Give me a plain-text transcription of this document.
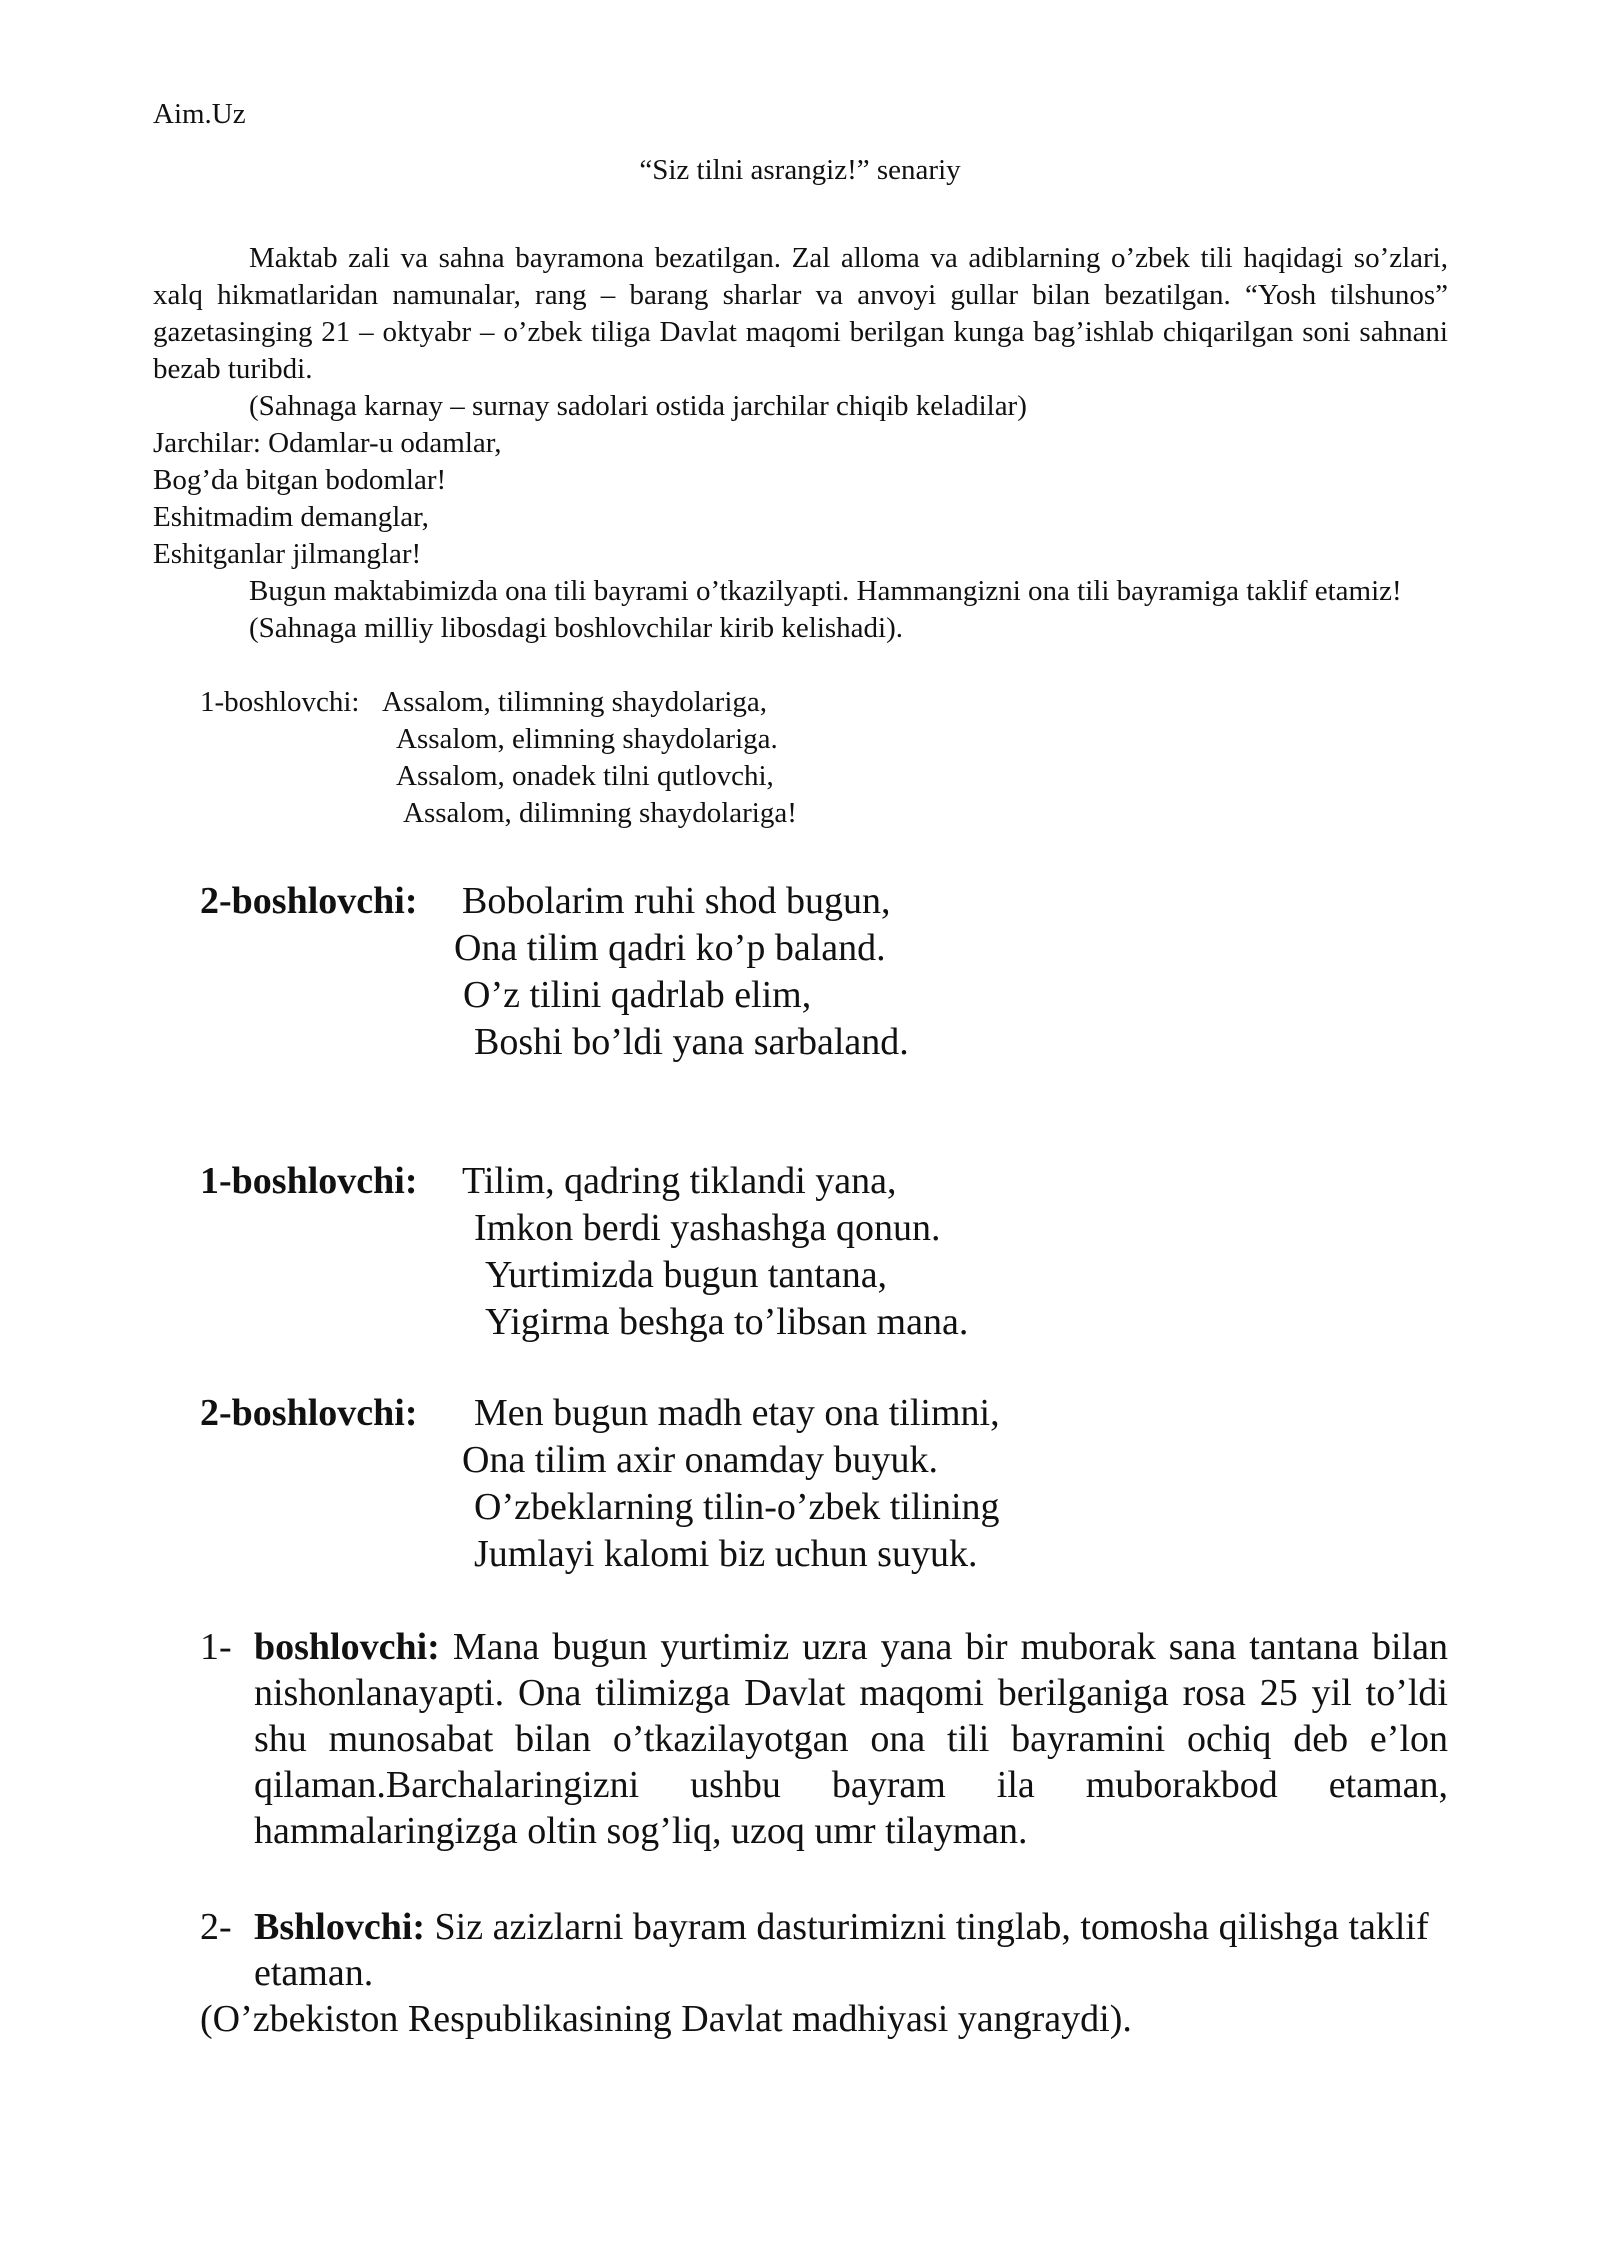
Aim.Uz
“Siz tilni asrangiz!” senariy

Maktab zali va sahna bayramona bezatilgan. Zal alloma va adiblarning o’zbek tili haqidagi so’zlari, xalq hikmatlaridan namunalar, rang – barang sharlar va anvoyi gullar bilan bezatilgan. “Yosh tilshunos” gazetasinging 21 – oktyabr – o’zbek tiliga Davlat maqomi berilgan kunga bag’ishlab chiqarilgan soni sahnani bezab turibdi.

(Sahnaga karnay – surnay sadolari ostida jarchilar chiqib keladilar)

Jarchilar: Odamlar-u odamlar,

Bog’da bitgan bodomlar!

Eshitmadim demanglar,

Eshitganlar jilmanglar!

Bugun maktabimizda ona tili bayrami o’tkazilyapti. Hammangizni ona tili bayramiga taklif etamiz!

(Sahnaga milliy libosdagi boshlovchilar kirib kelishadi).

1-boshlovchi: Assalom, tilimning shaydolariga,
Assalom, elimning shaydolariga.
Assalom, onadek tilni qutlovchi,
Assalom, dilimning shaydolariga!
2-boshlovchi: Bobolarim ruhi shod bugun,
Ona tilim qadri ko’p baland.
O’z tilini qadrlab elim,
Boshi bo’ldi yana sarbaland.
1-boshlovchi: Tilim, qadring tiklandi yana,
Imkon berdi yashashga qonun.
Yurtimizda bugun tantana,
Yigirma beshga to’libsan mana.
2-boshlovchi: Men bugun madh etay ona tilimni,
Ona tilim axir onamday buyuk.
O’zbeklarning tilin-o’zbek tilining
Jumlayi kalomi biz uchun suyuk.
1- boshlovchi: Mana bugun yurtimiz uzra yana bir muborak sana tantana bilan nishonlanayapti. Ona tilimizga Davlat maqomi berilganiga rosa 25 yil to’ldi shu munosabat bilan o’tkazilayotgan ona tili bayramini ochiq deb e’lon qilaman.Barchalaringizni ushbu bayram ila muborakbod etaman, hammalaringizga oltin sog’liq, uzoq umr tilayman.
2- Bshlovchi: Siz azizlarni bayram dasturimizni tinglab, tomosha qilishga taklif etaman.
(O’zbekiston Respublikasining Davlat madhiyasi yangraydi).
